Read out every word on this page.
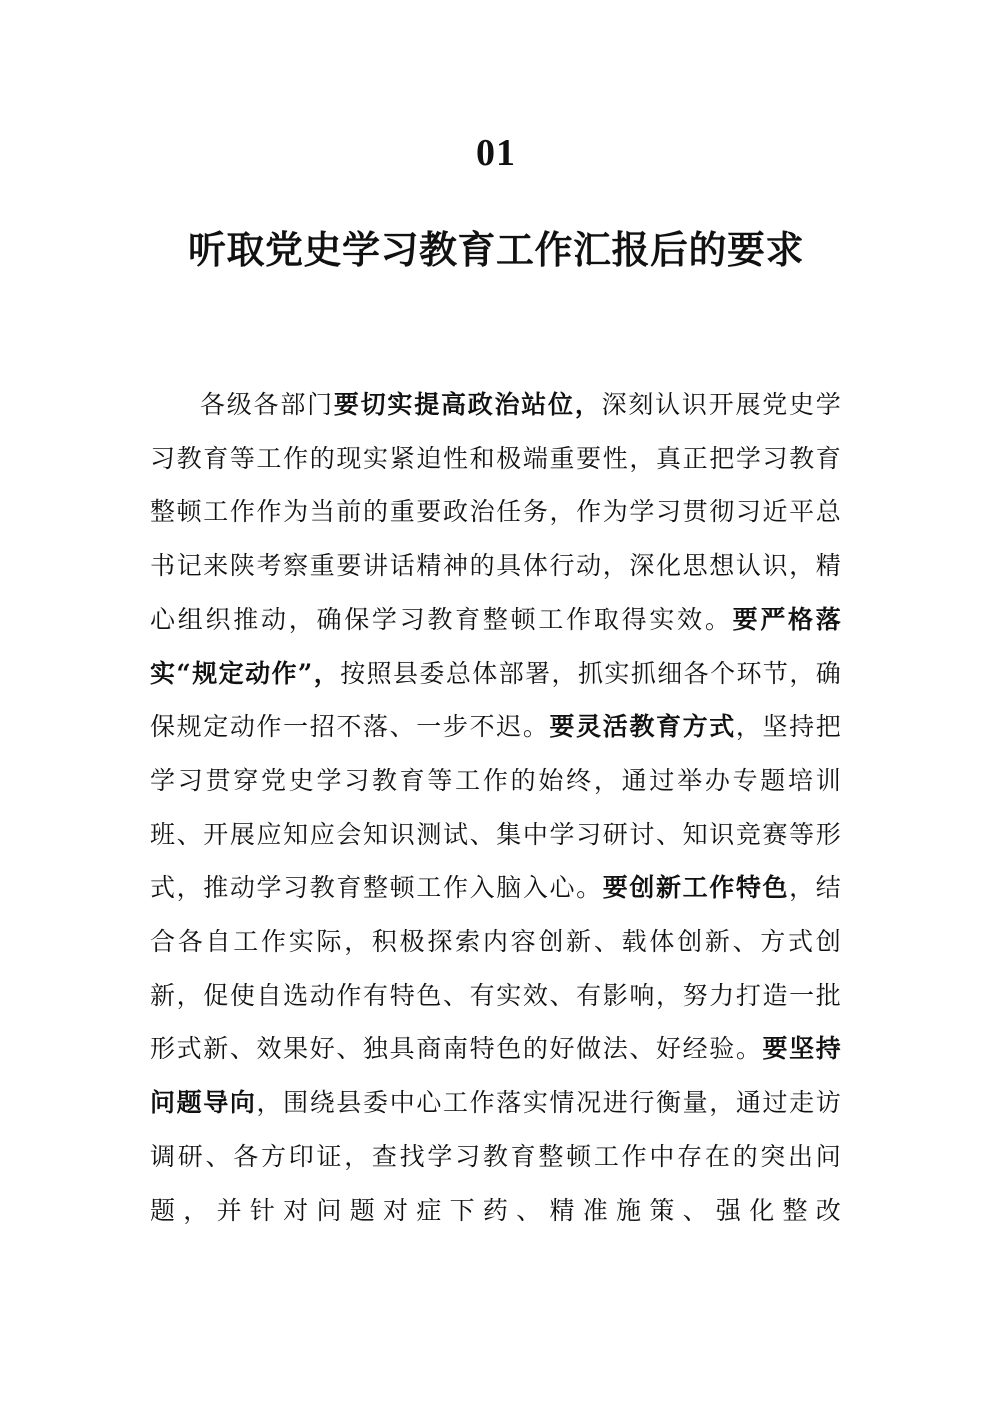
01
听取党史学习教育工作汇报后的要求

各级各部门要切实提高政治站位，深刻认识开展党史学习教育等工作的现实紧迫性和极端重要性，真正把学习教育整顿工作作为当前的重要政治任务，作为学习贯彻习近平总书记来陕考察重要讲话精神的具体行动，深化思想认识，精心组织推动，确保学习教育整顿工作取得实效。要严格落实“规定动作”，按照县委总体部署，抓实抓细各个环节，确保规定动作一招不落、一步不迟。要灵活教育方式，坚持把学习贯穿党史学习教育等工作的始终，通过举办专题培训班、开展应知应会知识测试、集中学习研讨、知识竞赛等形式，推动学习教育整顿工作入脑入心。要创新工作特色，结合各自工作实际，积极探索内容创新、载体创新、方式创新，促使自选动作有特色、有实效、有影响，努力打造一批形式新、效果好、独具商南特色的好做法、好经验。要坚持问题导向，围绕县委中心工作落实情况进行衡量，通过走访调研、各方印证，查找学习教育整顿工作中存在的突出问题，并针对问题对症下药、精准施策、强化整改
